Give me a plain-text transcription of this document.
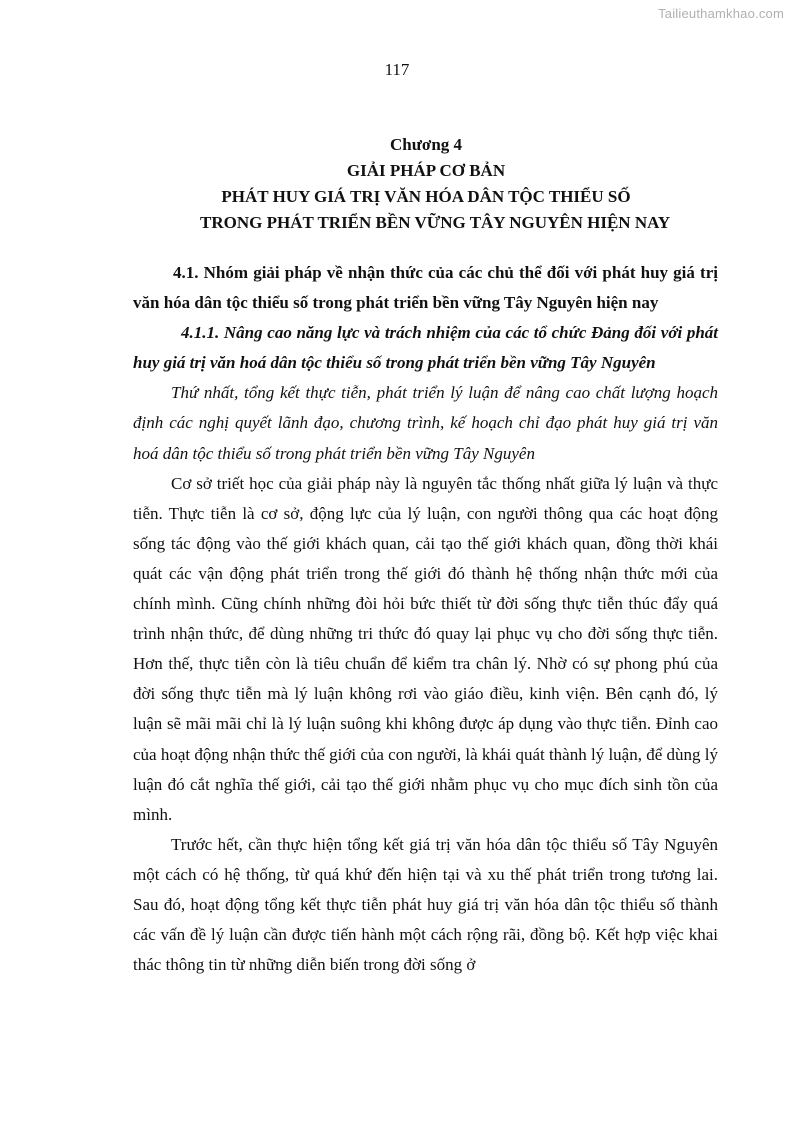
Tailieuthamkhao.com
117
Chương 4
GIẢI PHÁP CƠ BẢN
PHÁT HUY GIÁ TRỊ VĂN HÓA DÂN TỘC THIỂU SỐ
TRONG PHÁT TRIỂN BỀN VỮNG TÂY NGUYÊN HIỆN NAY

4.1. Nhóm giải pháp về nhận thức của các chủ thể đối với phát huy giá trị văn hóa dân tộc thiểu số trong phát triển bền vững Tây Nguyên hiện nay

4.1.1. Nâng cao năng lực và trách nhiệm của các tổ chức Đảng đối với phát huy giá trị văn hoá dân tộc thiểu số trong phát triển bền vững Tây Nguyên

Thứ nhất, tổng kết thực tiễn, phát triển lý luận để nâng cao chất lượng hoạch định các nghị quyết lãnh đạo, chương trình, kế hoạch chỉ đạo phát huy giá trị văn hoá dân tộc thiểu số trong phát triển bền vững Tây Nguyên

Cơ sở triết học của giải pháp này là nguyên tắc thống nhất giữa lý luận và thực tiễn. Thực tiễn là cơ sở, động lực của lý luận, con người thông qua các hoạt động sống tác động vào thế giới khách quan, cải tạo thế giới khách quan, đồng thời khái quát các vận động phát triển trong thế giới đó thành hệ thống nhận thức mới của chính mình. Cũng chính những đòi hỏi bức thiết từ đời sống thực tiễn thúc đẩy quá trình nhận thức, để dùng những tri thức đó quay lại phục vụ cho đời sống thực tiễn. Hơn thế, thực tiễn còn là tiêu chuẩn để kiểm tra chân lý. Nhờ có sự phong phú của đời sống thực tiễn mà lý luận không rơi vào giáo điều, kinh viện. Bên cạnh đó, lý luận sẽ mãi mãi chỉ là lý luận suông khi không được áp dụng vào thực tiễn. Đỉnh cao của hoạt động nhận thức thế giới của con người, là khái quát thành lý luận, để dùng lý luận đó cắt nghĩa thế giới, cải tạo thế giới nhằm phục vụ cho mục đích sinh tồn của mình.

Trước hết, cần thực hiện tổng kết giá trị văn hóa dân tộc thiểu số Tây Nguyên một cách có hệ thống, từ quá khứ đến hiện tại và xu thế phát triển trong tương lai. Sau đó, hoạt động tổng kết thực tiễn phát huy giá trị văn hóa dân tộc thiểu số thành các vấn đề lý luận cần được tiến hành một cách rộng rãi, đồng bộ. Kết hợp việc khai thác thông tin từ những diễn biến trong đời sống ở
